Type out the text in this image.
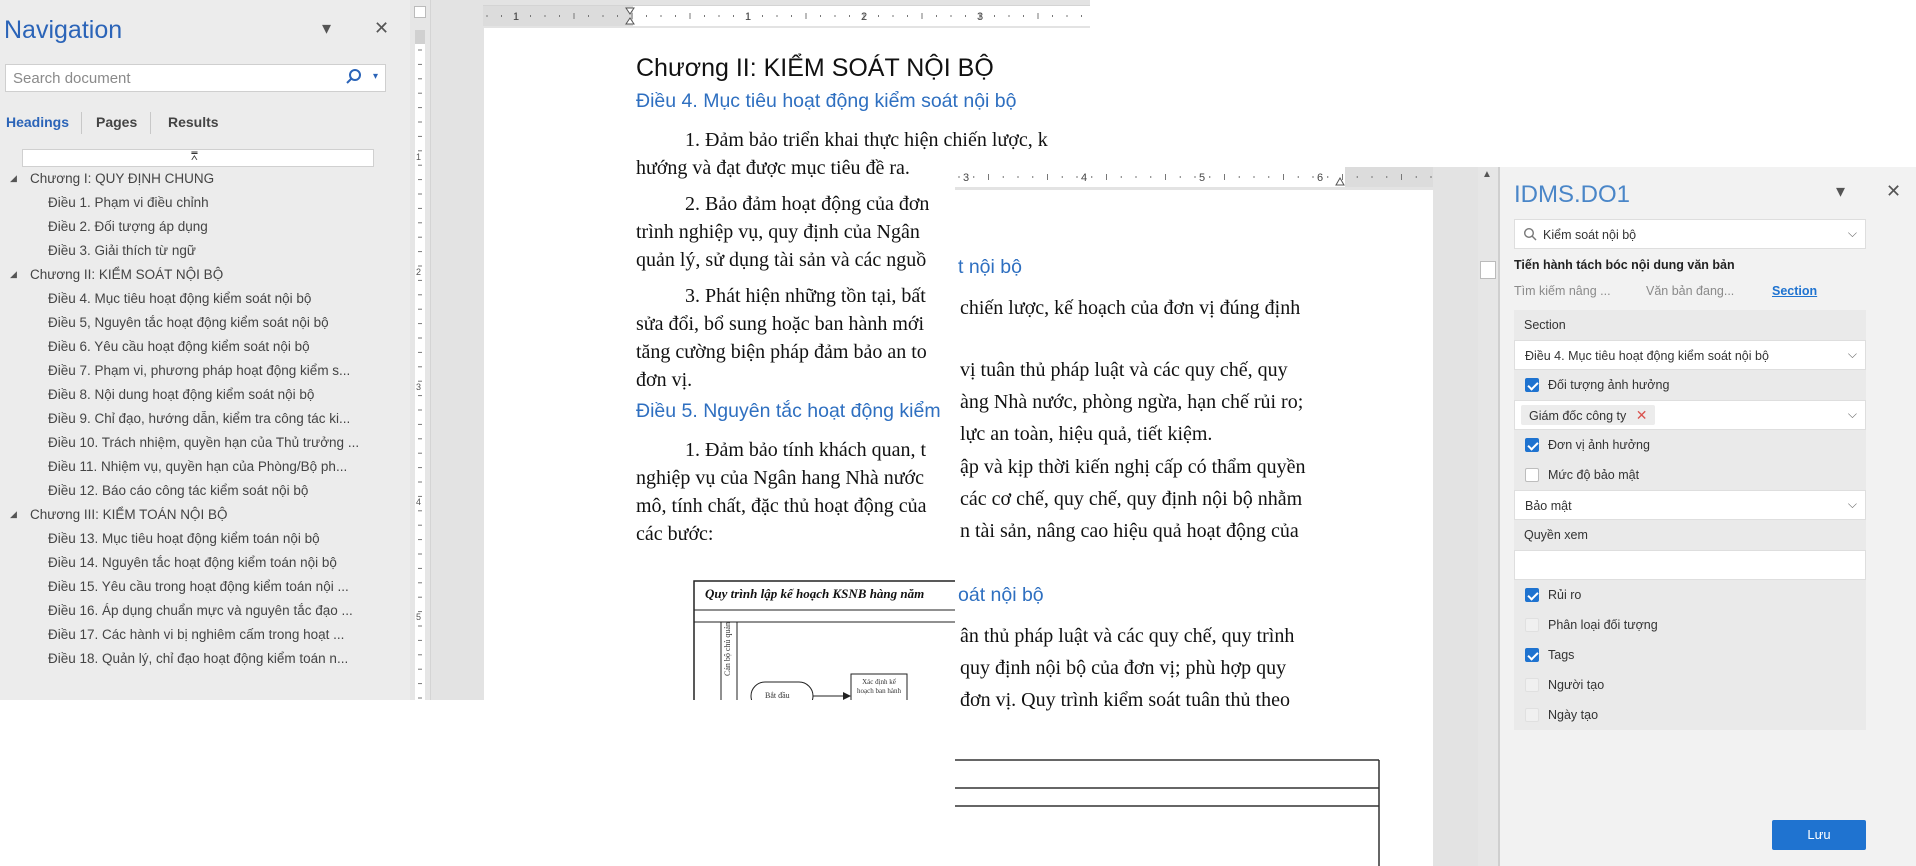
Navigation	▾ ✕
Search document	▾
Headings Pages Results
⩞
◢ Chương I: QUY ĐỊNH CHUNG
Điều 1. Phạm vi điều chỉnh
Điều 2. Đối tượng áp dụng
Điều 3. Giải thích từ ngữ
◢ Chương II: KIỂM SOÁT NỘI BỘ
Điều 4. Mục tiêu hoạt động kiểm soát nội bộ
Điều 5, Nguyên tắc hoạt động kiểm soát nội bộ
Điều 6. Yêu cầu hoạt động kiểm soát nội bộ
Điều 7. Phạm vi, phương pháp hoạt động kiểm s...
Điều 8. Nội dung hoạt động kiểm soát nội bộ
Điều 9. Chỉ đạo, hướng dẫn, kiểm tra công tác ki...
Điều 10. Trách nhiệm, quyền hạn của Thủ trưởng ...
Điều 11. Nhiệm vụ, quyền hạn của Phòng/Bộ ph...
Điều 12. Báo cáo công tác kiểm soát nội bộ
◢ Chương III: KIỂM TOÁN NỘI BỘ
Điều 13. Mục tiêu hoạt động kiểm toán nội bộ
Điều 14. Nguyên tắc hoạt động kiểm toán nội bộ
Điều 15. Yêu cầu trong hoạt động kiểm toán nội ...
Điều 16. Áp dụng chuẩn mực và nguyên tắc đạo ...
Điều 17. Các hành vi bị nghiêm cấm trong hoạt ...
Điều 18. Quản lý, chỉ đạo hoạt động kiểm toán n...
1
2
3
4
5
1	1	2	3
Chương II: KIỂM SOÁT NỘI BỘ
Điều 4. Mục tiêu hoạt động kiểm soát nội bộ
1. Đảm bảo triển khai thực hiện chiến lược, k
hướng và đạt được mục tiêu đề ra.
2. Bảo đảm hoạt động của đơn
trình nghiệp vụ, quy định của Ngân
quản lý, sử dụng tài sản và các nguồ
3. Phát hiện những tồn tại, bất
sửa đổi, bổ sung hoặc ban hành mới
tăng cường biện pháp đảm bảo an to
đơn vị.
Điều 5. Nguyên tắc hoạt động kiểm
1. Đảm bảo tính khách quan, t
nghiệp vụ của Ngân hang Nhà nước
mô, tính chất, đặc thủ hoạt động của
các bước:
Quy trình lập kế hoạch KSNB hàng năm
Cán bộ chủ quản
Bắt đầu
Xác định kế hoạch ban hành
3	4	5	6
t nội bộ
chiến lược, kế hoạch của đơn vị đúng định
vị tuân thủ pháp luật và các quy chế, quy
àng Nhà nước, phòng ngừa, hạn chế rủi ro;
lực an toàn, hiệu quả, tiết kiệm.
ập và kịp thời kiến nghị cấp có thẩm quyền
các cơ chế, quy chế, quy định nội bộ nhằm
n tài sản, nâng cao hiệu quả hoạt động của
oát nội bộ
ân thủ pháp luật và các quy chế, quy trình
quy định nội bộ của đơn vị; phù hợp quy
đơn vị. Quy trình kiểm soát tuân thủ theo
▲
IDMS.DO1	▾ ✕
Kiểm soát nội bộ	⌵
Tiến hành tách bóc nội dung văn bản
Tìm kiếm nâng ...	Văn bản đang...	Section
Section
Điều 4. Mục tiêu hoạt động kiểm soát nội bộ	⌵
Đối tượng ảnh hưởng
Giám đốc công ty ✕	⌵
Đơn vị ảnh hưởng
Mức độ bảo mật
Bảo mật	⌵
Quyền xem
Rủi ro
Phân loại đối tượng
Tags
Người tạo
Ngày tạo
Lưu
